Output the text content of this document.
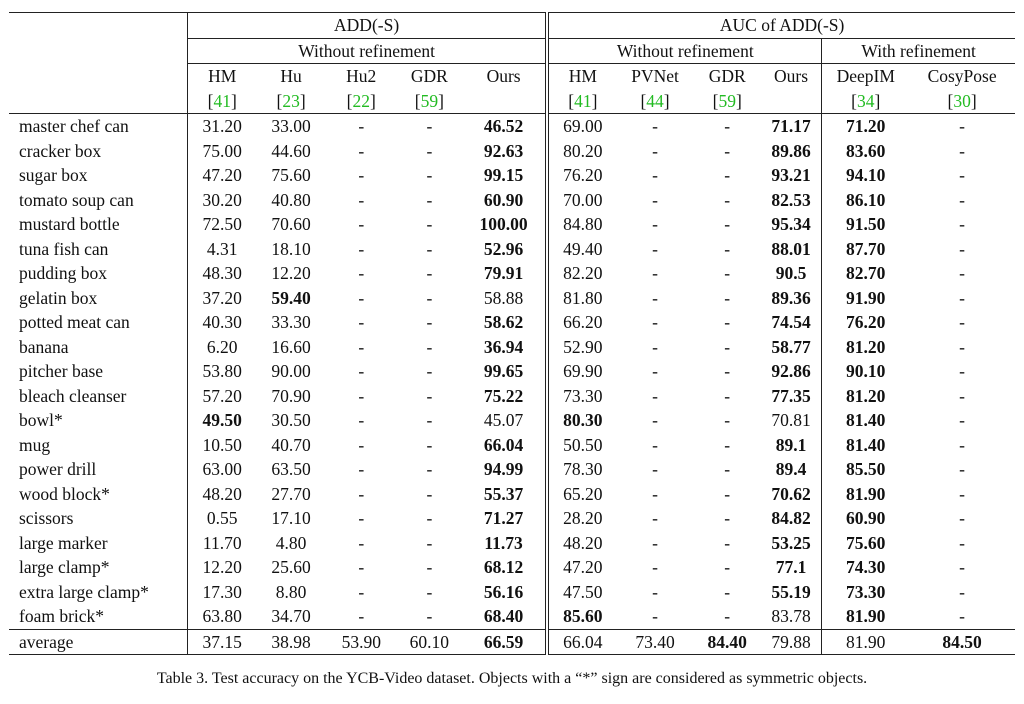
	ADD(-S)					AUC of ADD(-S)					
	Without refinement					Without refinement				With refinement	
	HM	Hu	Hu2	GDR	Ours	HM	PVNet	GDR	Ours	DeepIM	CosyPose
	[41]	[23]	[22]	[59]		[41]	[44]	[59]		[34]	[30]
master chef can	31.20	33.00	-	-	46.52	69.00	-	-	71.17	71.20	-
cracker box	75.00	44.60	-	-	92.63	80.20	-	-	89.86	83.60	-
sugar box	47.20	75.60	-	-	99.15	76.20	-	-	93.21	94.10	-
tomato soup can	30.20	40.80	-	-	60.90	70.00	-	-	82.53	86.10	-
mustard bottle	72.50	70.60	-	-	100.00	84.80	-	-	95.34	91.50	-
tuna fish can	4.31	18.10	-	-	52.96	49.40	-	-	88.01	87.70	-
pudding box	48.30	12.20	-	-	79.91	82.20	-	-	90.5	82.70	-
gelatin box	37.20	59.40	-	-	58.88	81.80	-	-	89.36	91.90	-
potted meat can	40.30	33.30	-	-	58.62	66.20	-	-	74.54	76.20	-
banana	6.20	16.60	-	-	36.94	52.90	-	-	58.77	81.20	-
pitcher base	53.80	90.00	-	-	99.65	69.90	-	-	92.86	90.10	-
bleach cleanser	57.20	70.90	-	-	75.22	73.30	-	-	77.35	81.20	-
bowl*	49.50	30.50	-	-	45.07	80.30	-	-	70.81	81.40	-
mug	10.50	40.70	-	-	66.04	50.50	-	-	89.1	81.40	-
power drill	63.00	63.50	-	-	94.99	78.30	-	-	89.4	85.50	-
wood block*	48.20	27.70	-	-	55.37	65.20	-	-	70.62	81.90	-
scissors	0.55	17.10	-	-	71.27	28.20	-	-	84.82	60.90	-
large marker	11.70	4.80	-	-	11.73	48.20	-	-	53.25	75.60	-
large clamp*	12.20	25.60	-	-	68.12	47.20	-	-	77.1	74.30	-
extra large clamp*	17.30	8.80	-	-	56.16	47.50	-	-	55.19	73.30	-
foam brick*	63.80	34.70	-	-	68.40	85.60	-	-	83.78	81.90	-
average	37.15	38.98	53.90	60.10	66.59	66.04	73.40	84.40	79.88	81.90	84.50
Table 3. Test accuracy on the YCB-Video dataset. Objects with a “*” sign are considered as symmetric objects.
